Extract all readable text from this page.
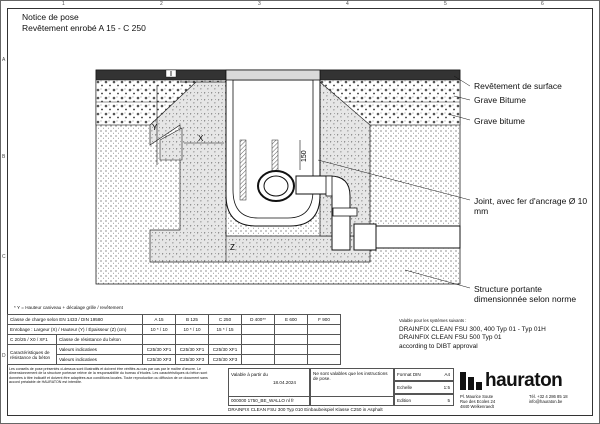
1	2	3	4	5	6
A
B
C
D
Notice de pose
Revêtement enrobé A 15 - C 250
Y
X
Z
150
Revêtement de surface
Grave Bitume
Grave bitume
Joint, avec fer d'ancrage Ø 10 mm
Structure portante dimensionnée selon norme
* Y = Hauteur caniveau + décalage grille / revêtement
Classe de charge selon EN 1433 / DIN 19580		A 15	B 125	C 250	D 400**	E 600	F 900
Enrobage : Largeur (X) / Hauteur (Y) / Épaisseur (Z) (cm)		10 * / 10	10 * / 10	15 * / 15			
C 20/25 / X0 / XF1	Classe de résistance du béton						
Caractéristiques de résistance du béton	Valeurs indicatives	C25/30 XF1	C25/30 XF1	C25/30 XF1			
	Valeurs indicatives	C25/30 XF3	C25/30 XF3	C25/30 XF3			
Valable pour les systèmes suivants :
DRAINFIX CLEAN FSU 300, 400 Typ 01 - Typ 01H
DRAINFIX CLEAN FSU 500 Typ 01
according to DIBT approval
Les conseils de pose présentés ci-dessus sont illustratifs et doivent être vérifiés au cas par cas par le maître d'œuvre. Le dimensionnement de la structure porteuse relève de la responsabilité du bureau d'études. Les caractéristiques du béton sont données à titre indicatif et doivent être adaptées aux conditions locales. Toute reproduction ou diffusion de ce document sans accord préalable de HAURATON est interdite.
Valable à partir du
18.04.2024
Ne sont valables que les instructions de pose.
000000 1750_BE_WALLO nl fr
Format DIN	A4
Echelle	1:5
Edition	5
DRAINFIX CLEAN FSU 300 Typ 010 Einbaubeispiel Klasse C250 in Asphalt
hauraton
Pl. Maurice Soute
Rue des Ecoles 24
4840 Welkenraedt
Tél. +32 4 286 85 18
info@hauraton.be
